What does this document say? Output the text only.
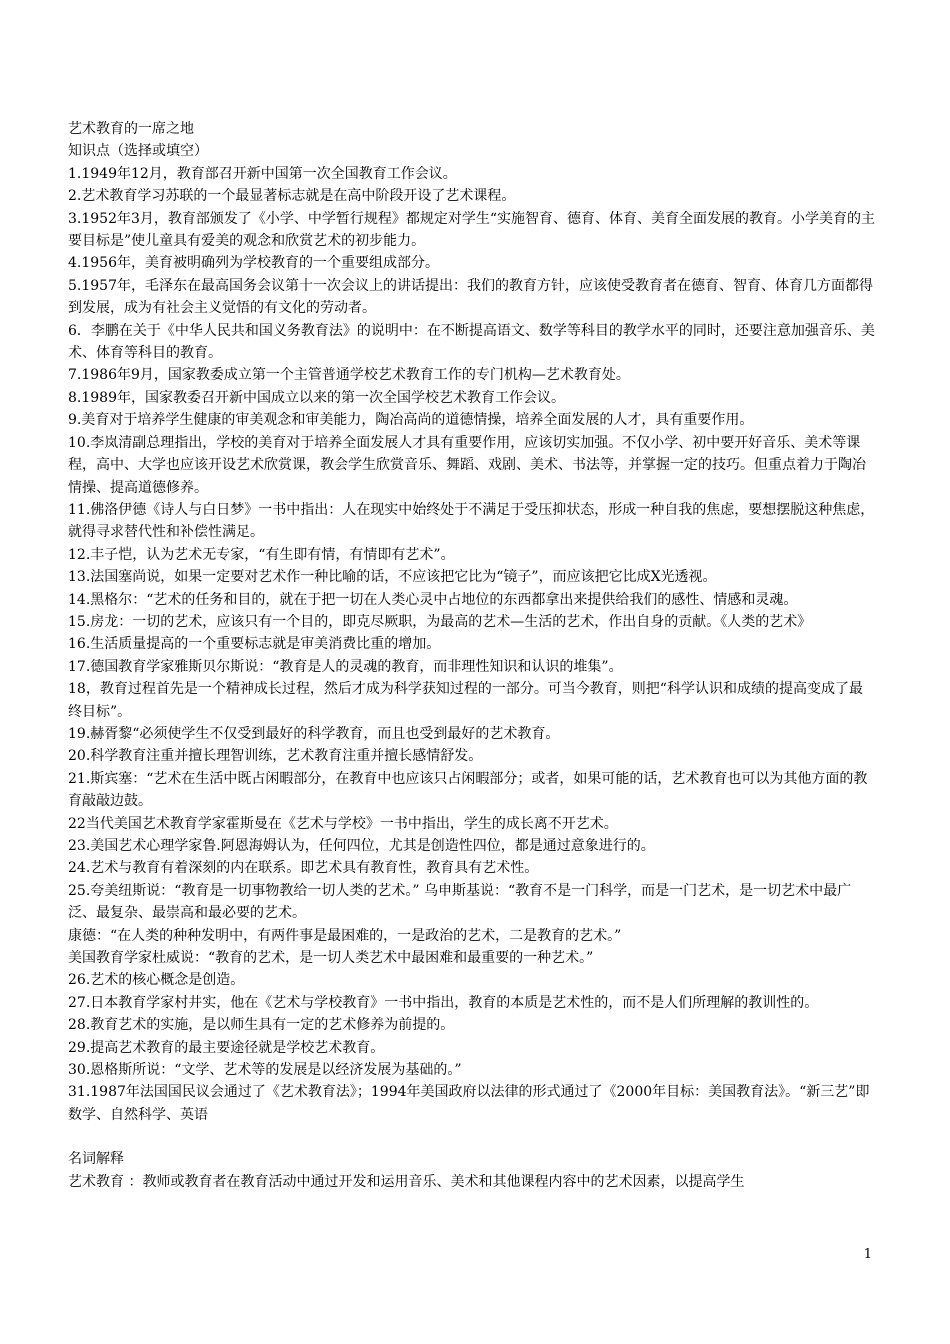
艺术教育的一席之地
知识点（选择或填空）
1.1949年12月，教育部召开新中国第一次全国教育工作会议。
2.艺术教育学习苏联的一个最显著标志就是在高中阶段开设了艺术课程。
3.1952年3月，教育部颁发了《小学、中学暂行规程》都规定对学生“实施智育、德育、体育、美育全面发展的教育。小学美育的主要目标是”使儿童具有爱美的观念和欣赏艺术的初步能力。
4.1956年，美育被明确列为学校教育的一个重要组成部分。
5.1957年，毛泽东在最高国务会议第十一次会议上的讲话提出：我们的教育方针，应该使受教育者在德育、智育、体育几方面都得到发展，成为有社会主义觉悟的有文化的劳动者。
6．李鹏在关于《中华人民共和国义务教育法》的说明中：在不断提高语文、数学等科目的教学水平的同时，还要注意加强音乐、美术、体育等科目的教育。
7.1986年9月，国家教委成立第一个主管普通学校艺术教育工作的专门机构—艺术教育处。
8.1989年，国家教委召开新中国成立以来的第一次全国学校艺术教育工作会议。
9.美育对于培养学生健康的审美观念和审美能力，陶冶高尚的道德情操，培养全面发展的人才，具有重要作用。
10.李岚清副总理指出，学校的美育对于培养全面发展人才具有重要作用，应该切实加强。不仅小学、初中要开好音乐、美术等课程，高中、大学也应该开设艺术欣赏课，教会学生欣赏音乐、舞蹈、戏剧、美术、书法等，并掌握一定的技巧。但重点着力于陶冶情操、提高道德修养。
11.佛洛伊德《诗人与白日梦》一书中指出：人在现实中始终处于不满足于受压抑状态，形成一种自我的焦虑，要想摆脱这种焦虑，就得寻求替代性和补偿性满足。
12.丰子恺，认为艺术无专家，“有生即有情，有情即有艺术”。
13.法国塞尚说，如果一定要对艺术作一种比喻的话，不应该把它比为“镜子”，而应该把它比成X光透视。
14.黑格尔：“艺术的任务和目的，就在于把一切在人类心灵中占地位的东西都拿出来提供给我们的感性、情感和灵魂。
15.房龙：一切的艺术，应该只有一个目的，即克尽厥职，为最高的艺术—生活的艺术，作出自身的贡献。《人类的艺术》
16.生活质量提高的一个重要标志就是审美消费比重的增加。
17.德国教育学家雅斯贝尔斯说：“教育是人的灵魂的教育，而非理性知识和认识的堆集”。
18，教育过程首先是一个精神成长过程，然后才成为科学获知过程的一部分。可当今教育，则把“科学认识和成绩的提高变成了最终目标”。
19.赫胥黎“必须使学生不仅受到最好的科学教育，而且也受到最好的艺术教育。
20.科学教育注重并擅长理智训练，艺术教育注重并擅长感情舒发。
21.斯宾塞：“艺术在生活中既占闲暇部分，在教育中也应该只占闲暇部分；或者，如果可能的话，艺术教育也可以为其他方面的教育敲敲边鼓。
22当代美国艺术教育学家霍斯曼在《艺术与学校》一书中指出，学生的成长离不开艺术。
23.美国艺术心理学家鲁.阿恩海姆认为，任何四位，尤其是创造性四位，都是通过意象进行的。
24.艺术与教育有着深刻的内在联系。即艺术具有教育性，教育具有艺术性。
25.夸美纽斯说：“教育是一切事物教给一切人类的艺术。” 乌申斯基说：“教育不是一门科学，而是一门艺术，是一切艺术中最广泛、最复杂、最崇高和最必要的艺术。
康德：“在人类的种种发明中，有两件事是最困难的，一是政治的艺术，二是教育的艺术。”
美国教育学家杜威说：“教育的艺术，是一切人类艺术中最困难和最重要的一种艺术。”
26.艺术的核心概念是创造。
27.日本教育学家村井实，他在《艺术与学校教育》一书中指出，教育的本质是艺术性的，而不是人们所理解的教训性的。
28.教育艺术的实施，是以师生具有一定的艺术修养为前提的。
29.提高艺术教育的最主要途径就是学校艺术教育。
30.恩格斯所说：“文学、艺术等的发展是以经济发展为基础的。”
31.1987年法国国民议会通过了《艺术教育法》；1994年美国政府以法律的形式通过了《2000年目标：美国教育法》。“新三艺”即数学、自然科学、英语
名词解释
艺术教育 ：教师或教育者在教育活动中通过开发和运用音乐、美术和其他课程内容中的艺术因素，以提高学生
1
